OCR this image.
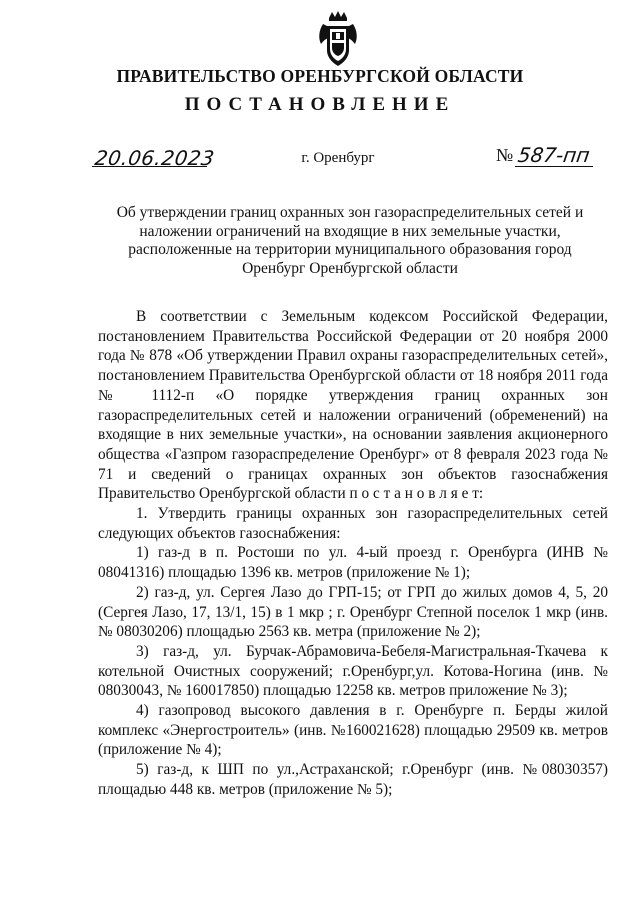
ПРАВИТЕЛЬСТВО ОРЕНБУРГСКОЙ ОБЛАСТИ
ПОСТАНОВЛЕНИЕ
20.06.2023	г. Оренбург	№ 587-пп
Об утверждении границ охранных зон газораспределительных сетей и наложении ограничений на входящие в них земельные участки, расположенные на территории муниципального образования город Оренбург Оренбургской области

В соответствии с Земельным кодексом Российской Федерации, постановлением Правительства Российской Федерации от 20 ноября 2000 года № 878 «Об утверждении Правил охраны газораспределительных сетей», постановлением Правительства Оренбургской области от 18 ноября 2011 года № 1112-п «О порядке утверждения границ охранных зон газораспределительных сетей и наложении ограничений (обременений) на входящие в них земельные участки», на основании заявления акционерного общества «Газпром газораспределение Оренбург» от 8 февраля 2023 года № 71 и сведений о границах охранных зон объектов газоснабжения Правительство Оренбургской области п о с т а н о в л я е т:

1. Утвердить границы охранных зон газораспределительных сетей следующих объектов газоснабжения:

1) газ-д в п. Ростоши по ул. 4-ый проезд г. Оренбурга (ИНВ № 08041316) площадью 1396 кв. метров (приложение № 1);

2) газ-д, ул. Сергея Лазо до ГРП-15; от ГРП до жилых домов 4, 5, 20 (Сергея Лазо, 17, 13/1, 15) в 1 мкр ; г. Оренбург Степной поселок 1 мкр (инв. № 08030206) площадью 2563 кв. метра (приложение № 2);

3) газ-д, ул. Бурчак-Абрамовича-Бебеля-Магистральная-Ткачева к котельной Очистных сооружений; г.Оренбург,ул. Котова-Ногина (инв. № 08030043, № 160017850) площадью 12258 кв. метров приложение № 3);

4) газопровод высокого давления в г. Оренбурге п. Берды жилой комплекс «Энергостроитель» (инв. №160021628) площадью 29509 кв. метров (приложение № 4);

5) газ-д, к ШП по ул.,Астраханской; г.Оренбург (инв. №08030357) площадью 448 кв. метров (приложение № 5);
